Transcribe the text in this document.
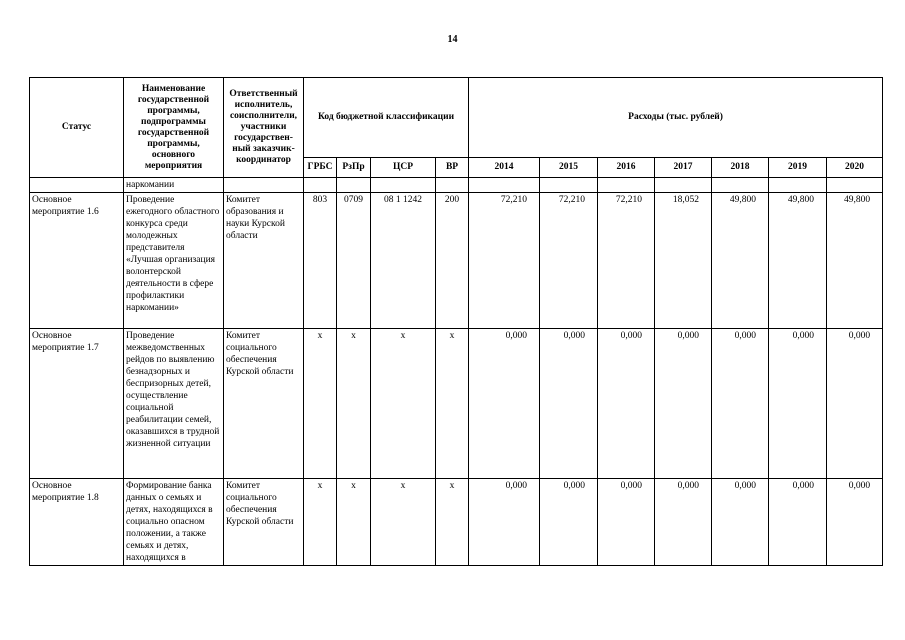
14
Статус	Наименование государственной программы, подпрограммы государственной программы, основного мероприятия	Ответственный исполнитель, соисполнители, участники государствен-ный заказчик-координатор	Код бюджетной классификации				Расходы (тыс. рублей)						
			ГРБС	РзПр	ЦСР	ВР	2014	2015	2016	2017	2018	2019	2020
	наркомании												
Основное мероприятие 1.6	Проведение ежегодного областного конкурса среди молодежных представителя «Лучшая организация волонтерской деятельности в сфере профилактики наркомании»	Комитет образования и науки Курской области	803	0709	08 1 1242	200	72,210	72,210	72,210	18,052	49,800	49,800	49,800
Основное мероприятие 1.7	Проведение межведомственных рейдов по выявлению безнадзорных и беспризорных детей, осуществление социальной реабилитации семей, оказавшихся в трудной жизненной ситуации	Комитет социального обеспечения Курской области	x	x	x	x	0,000	0,000	0,000	0,000	0,000	0,000	0,000
Основное мероприятие 1.8	Формирование банка данных о семьях и детях, находящихся в социально опасном положении, а также семьях и детях, находящихся в	Комитет социального обеспечения Курской области	x	x	x	x	0,000	0,000	0,000	0,000	0,000	0,000	0,000
